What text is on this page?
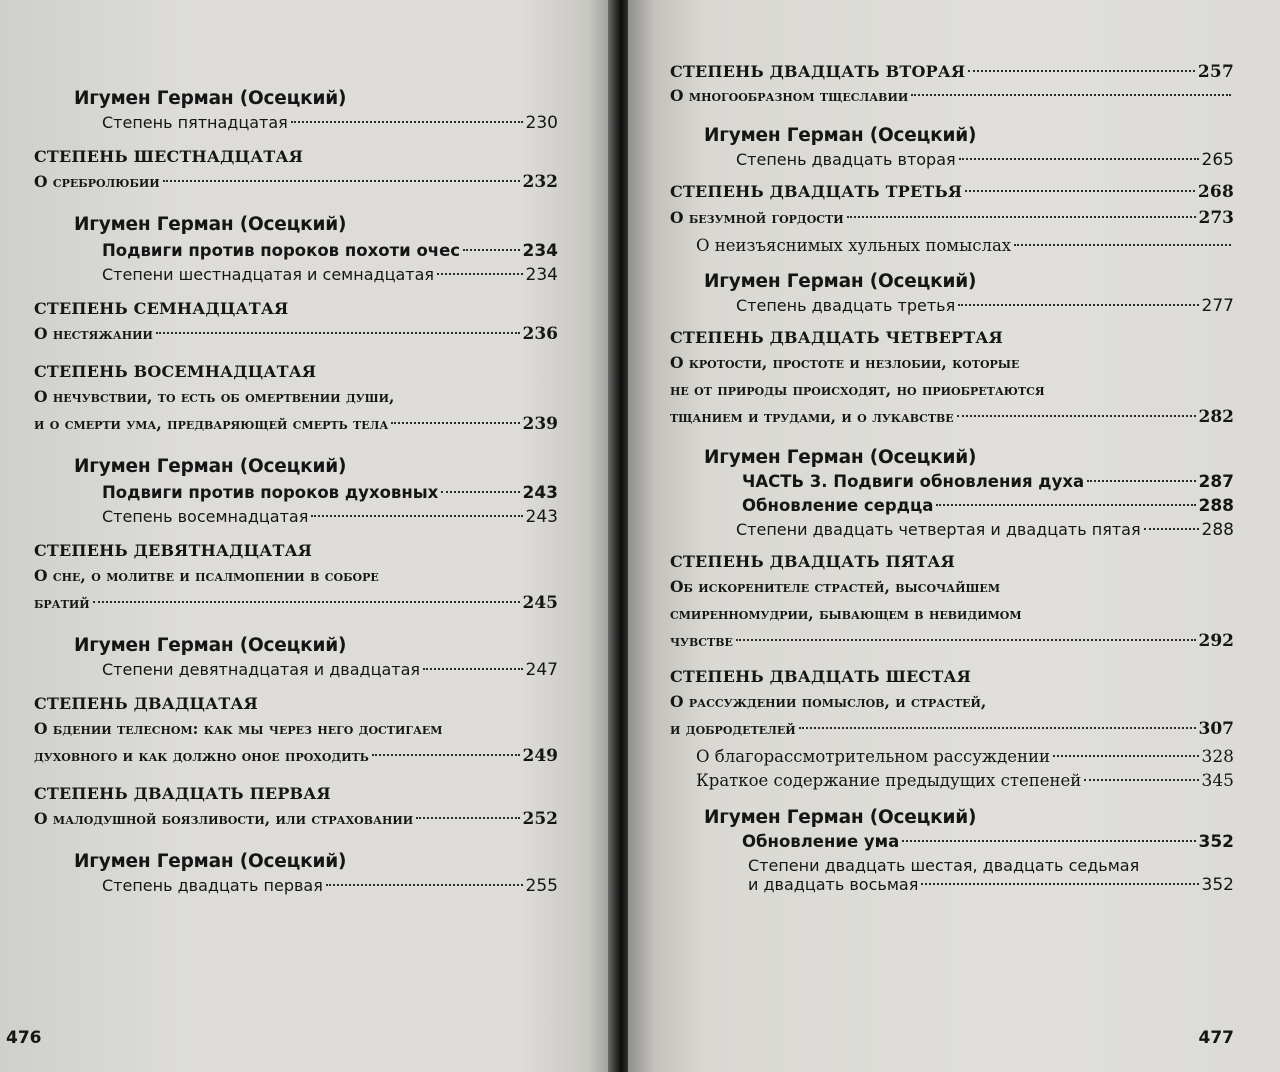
Игумен Герман (Осецкий)
Степень пятнадцатая	230
СТЕПЕНЬ ШЕСТНАДЦАТАЯ
О сребролюбии	232
Игумен Герман (Осецкий)
Подвиги против пороков похоти очес	234
Степени шестнадцатая и семнадцатая	234
СТЕПЕНЬ СЕМНАДЦАТАЯ
О нестяжании	236
СТЕПЕНЬ ВОСЕМНАДЦАТАЯ
О нечувствии, то есть об омертвении души,
и о смерти ума, предваряющей смерть тела	239
Игумен Герман (Осецкий)
Подвиги против пороков духовных	243
Степень восемнадцатая	243
СТЕПЕНЬ ДЕВЯТНАДЦАТАЯ
О сне, о молитве и псалмопении в соборе
братий	245
Игумен Герман (Осецкий)
Степени девятнадцатая и двадцатая	247
СТЕПЕНЬ ДВАДЦАТАЯ
О бдении телесном: как мы через него достигаем
духовного и как должно оное проходить	249
СТЕПЕНЬ ДВАДЦАТЬ ПЕРВАЯ
О малодушной боязливости, или страховании	252
Игумен Герман (Осецкий)
Степень двадцать первая	255
476
СТЕПЕНЬ ДВАДЦАТЬ ВТОРАЯ	257
О многообразном тщеславии
Игумен Герман (Осецкий)
Степень двадцать вторая	265
СТЕПЕНЬ ДВАДЦАТЬ ТРЕТЬЯ	268
О безумной гордости	273
О неизъяснимых хульных помыслах
Игумен Герман (Осецкий)
Степень двадцать третья	277
СТЕПЕНЬ ДВАДЦАТЬ ЧЕТВЕРТАЯ
О кротости, простоте и незлобии, которые
не от природы происходят, но приобретаются
тщанием и трудами, и о лукавстве	282
Игумен Герман (Осецкий)
ЧАСТЬ 3. Подвиги обновления духа	287
Обновление сердца	288
Степени двадцать четвертая и двадцать пятая	288
СТЕПЕНЬ ДВАДЦАТЬ ПЯТАЯ
Об искоренителе страстей, высочайшем
смиренномудрии, бывающем в невидимом
чувстве	292
СТЕПЕНЬ ДВАДЦАТЬ ШЕСТАЯ
О рассуждении помыслов, и страстей,
и добродетелей	307
О благорассмотрительном рассуждении	328
Краткое содержание предыдущих степеней	345
Игумен Герман (Осецкий)
Обновление ума	352
Степени двадцать шестая, двадцать седьмая
и двадцать восьмая	352
477
